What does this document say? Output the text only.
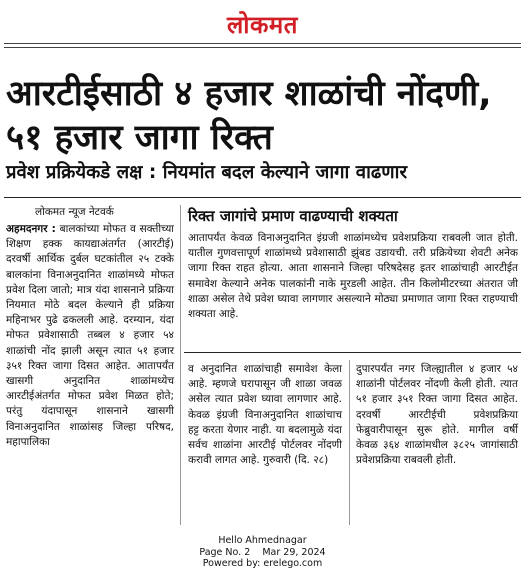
लोकमत
आरटीईसाठी ४ हजार शाळांची नोंदणी, ५१ हजार जागा रिक्त
प्रवेश प्रक्रियेकडे लक्ष : नियमांत बदल केल्याने जागा वाढणार
लोकमत न्यूज नेटवर्क
अहमदनगर : बालकांच्या मोफत व सक्तीच्या शिक्षण हक्क कायद्याअंतर्गत (आरटीई) दरवर्षी आर्थिक दुर्बल घटकांतील २५ टक्के बालकांना विनाअनुदानित शाळांमध्ये मोफत प्रवेश दिला जातो; मात्र यंदा शासनाने प्रक्रिया नियमात मोठे बदल केल्याने ही प्रक्रिया महिनाभर पुढे ढकलली आहे. दरम्यान, यंदा मोफत प्रवेशासाठी तब्बल ४ हजार ५४ शाळांची नोंद झाली असून त्यात ५१ हजार ३५१ रिक्त जागा दिसत आहेत. आतापर्यंत खासगी अनुदानित शाळांमध्येच आरटीईअंतर्गत मोफत प्रवेश मिळत होते; परंतु यंदापासून शासनाने खासगी विनाअनुदानित शाळांसह जिल्हा परिषद, महापालिका
रिक्त जागांचे प्रमाण वाढण्याची शक्यता
आतापर्यंत केवळ विनाअनुदानित इंग्रजी शाळांमध्येच प्रवेशप्रक्रिया राबवली जात होती. यातील गुणवत्तापूर्ण शाळांमध्ये प्रवेशासाठी झुंबड उडायची. तरी प्रक्रियेच्या शेवटी अनेक जागा रिक्त राहत होत्या. आता शासनाने जिल्हा परिषदेसह इतर शाळांचाही आरटीईत समावेश केल्याने अनेक पालकांनी नाके मुरडली आहेत. तीन किलोमीटरच्या अंतरात जी शाळा असेल तेथे प्रवेश घ्यावा लागणार असल्याने मोठ्या प्रमाणात जागा रिक्त राहण्याची शक्यता आहे.
व अनुदानित शाळांचाही समावेश केला आहे. म्हणजे घरापासून जी शाळा जवळ असेल त्यात प्रवेश घ्यावा लागणार आहे. केवळ इंग्रजी विनाअनुदानित शाळांचाच हट्ट करता येणार नाही. या बदलामुळे यंदा सर्वच शाळांना आरटीई पोर्टलवर नोंदणी करावी लागत आहे. गुरुवारी (दि. २८)
दुपारपर्यंत नगर जिल्ह्यातील ४ हजार ५४ शाळांनी पोर्टलवर नोंदणी केली होती. त्यात ५१ हजार ३५१ रिक्त जागा दिसत आहेत. दरवर्षी आरटीईची प्रवेशप्रक्रिया फेब्रुवारीपासून सुरू होते. मागील वर्षी केवळ ३६४ शाळांमधील ३८२५ जागांसाठी प्रवेशप्रक्रिया राबवली होती.
Hello Ahmednagar
Page No. 2    Mar 29, 2024
Powered by: erelego.com
